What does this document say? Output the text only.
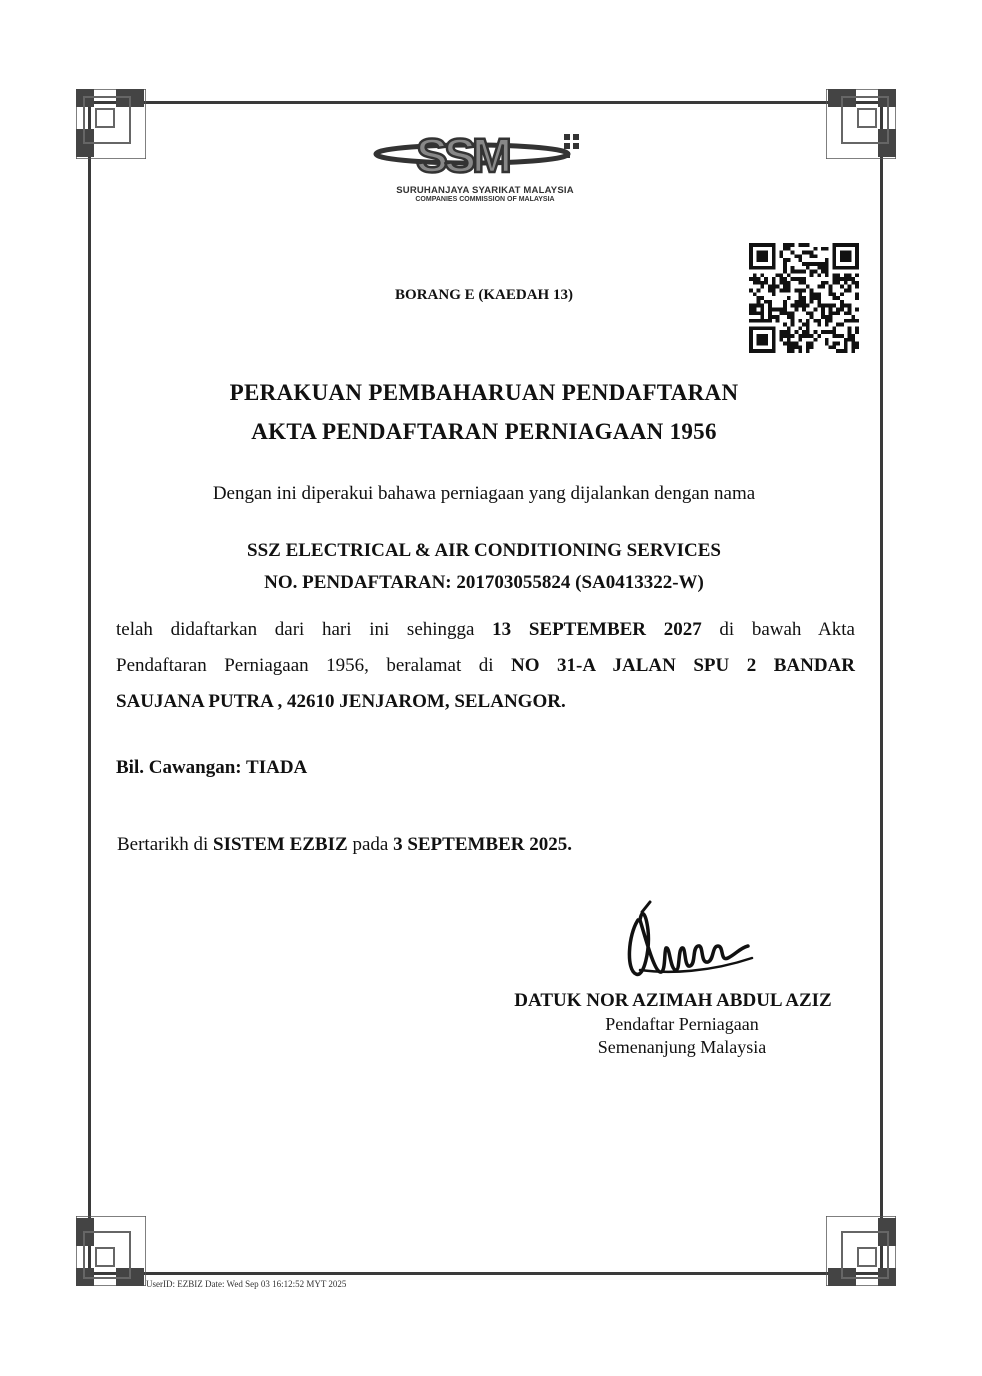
SSM
SURUHANJAYA SYARIKAT MALAYSIA
COMPANIES COMMISSION OF MALAYSIA
BORANG E (KAEDAH 13)
PERAKUAN PEMBAHARUAN PENDAFTARAN
AKTA PENDAFTARAN PERNIAGAAN 1956
Dengan ini diperakui bahawa perniagaan yang dijalankan dengan nama
SSZ ELECTRICAL & AIR CONDITIONING SERVICES
NO. PENDAFTARAN: 201703055824 (SA0413322-W)
telah didaftarkan dari hari ini sehingga 13 SEPTEMBER 2027 di bawah Akta
Pendaftaran Perniagaan 1956, beralamat di NO 31-A JALAN SPU 2 BANDAR
SAUJANA PUTRA , 42610 JENJAROM, SELANGOR.
Bil. Cawangan: TIADA
Bertarikh di SISTEM EZBIZ pada 3 SEPTEMBER 2025.
DATUK NOR AZIMAH ABDUL AZIZ
Pendaftar Perniagaan
Semenanjung Malaysia
UserID: EZBIZ Date: Wed Sep 03 16:12:52 MYT 2025
